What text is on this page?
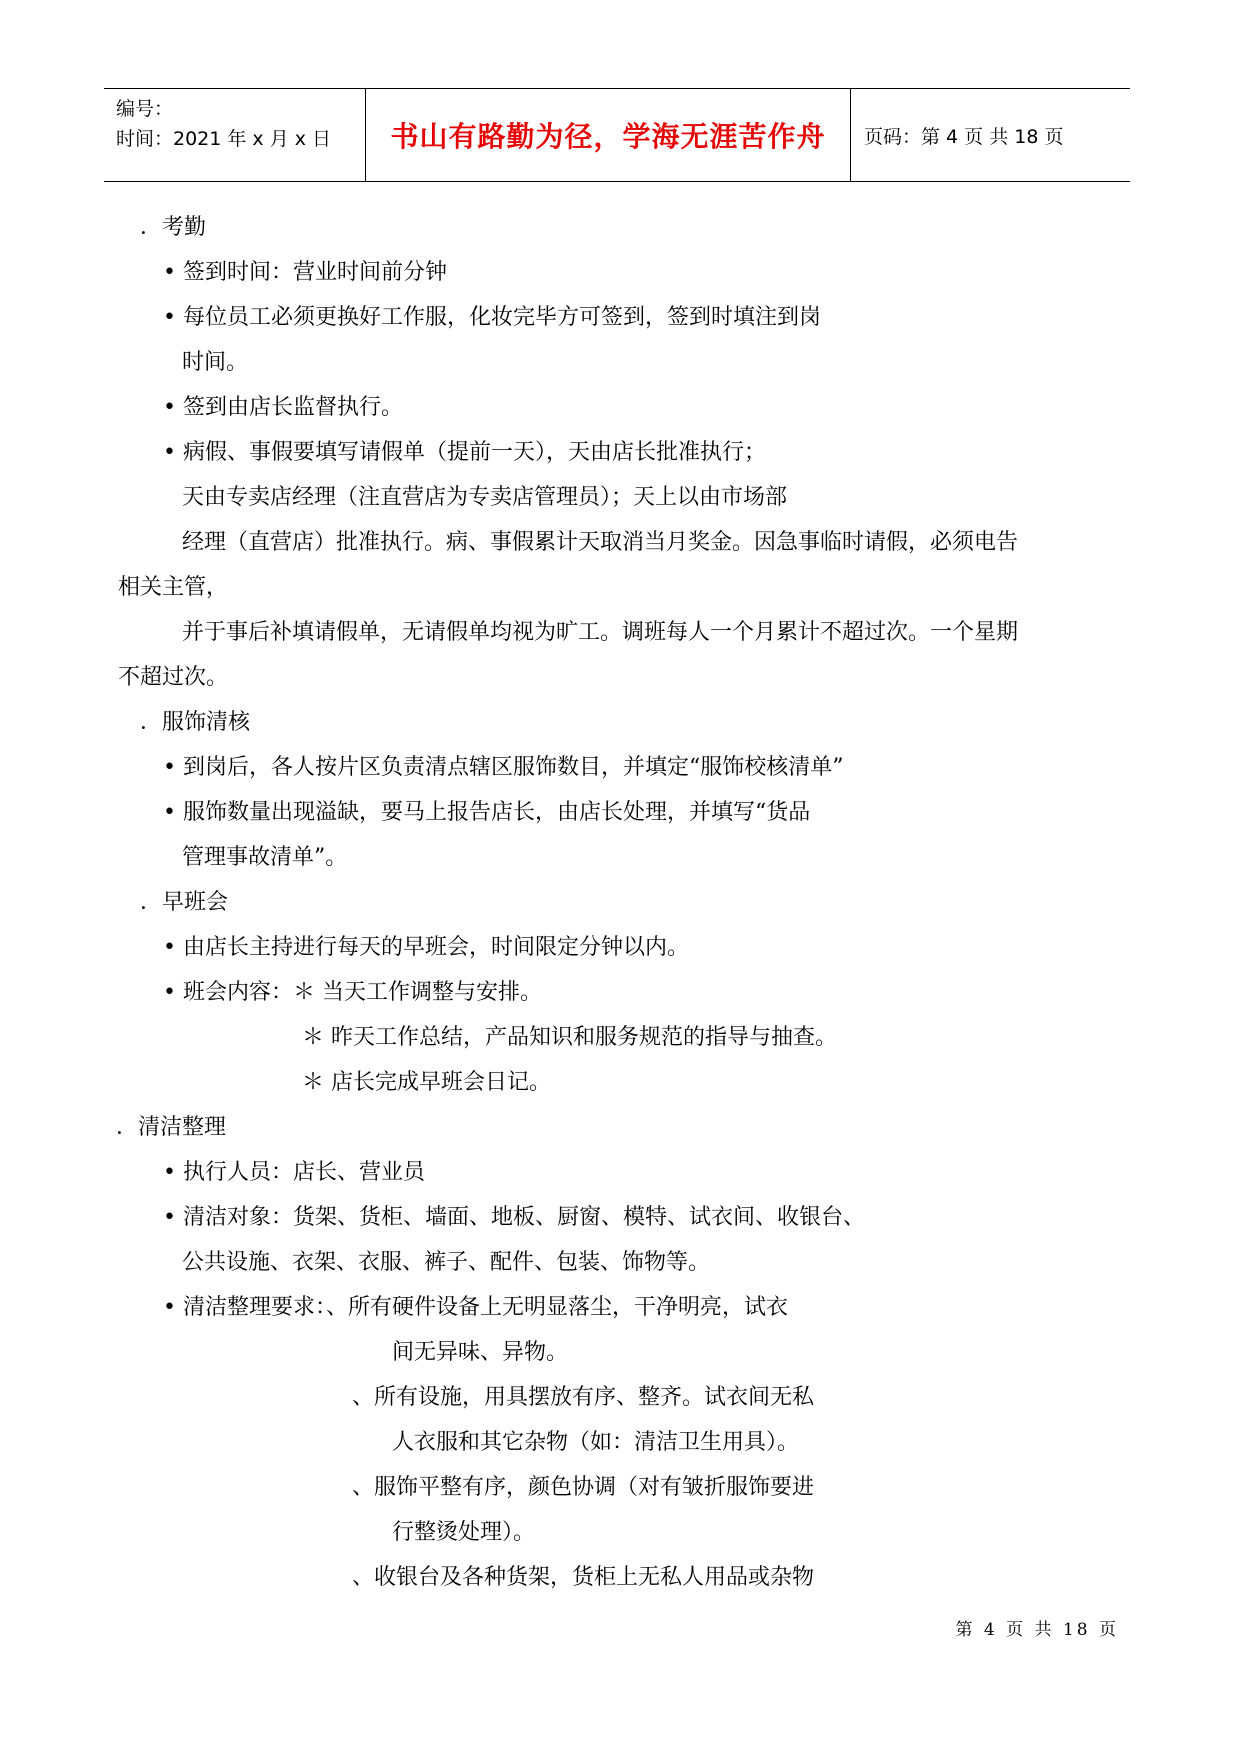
编号：
时间：2021 年 x 月 x 日	书山有路勤为径，学海无涯苦作舟	页码：第 4 页 共 18 页
．考勤
• 签到时间：营业时间前分钟
• 每位员工必须更换好工作服，化妆完毕方可签到，签到时填注到岗
时间。
• 签到由店长监督执行。
• 病假、事假要填写请假单（提前一天），天由店长批准执行；
天由专卖店经理（注直营店为专卖店管理员）；天上以由市场部
经理（直营店）批准执行。病、事假累计天取消当月奖金。因急事临时请假，必须电告
相关主管，
并于事后补填请假单，无请假单均视为旷工。调班每人一个月累计不超过次。一个星期
不超过次。
．服饰清核
• 到岗后，各人按片区负责清点辖区服饰数目，并填定“服饰校核清单”
• 服饰数量出现溢缺，要马上报告店长，由店长处理，并填写“货品
管理事故清单”。
．早班会
• 由店长主持进行每天的早班会，时间限定分钟以内。
• 班会内容：＊ 当天工作调整与安排。
＊ 昨天工作总结，产品知识和服务规范的指导与抽查。
＊ 店长完成早班会日记。
．清洁整理
• 执行人员：店长、营业员
• 清洁对象：货架、货柜、墙面、地板、厨窗、模特、试衣间、收银台、
公共设施、衣架、衣服、裤子、配件、包装、饰物等。
• 清洁整理要求：、所有硬件设备上无明显落尘，干净明亮，试衣
间无异味、异物。
、所有设施，用具摆放有序、整齐。试衣间无私
人衣服和其它杂物（如：清洁卫生用具）。
、服饰平整有序，颜色协调（对有皱折服饰要进
行整烫处理）。
、收银台及各种货架，货柜上无私人用品或杂物
第 4 页 共 18 页
